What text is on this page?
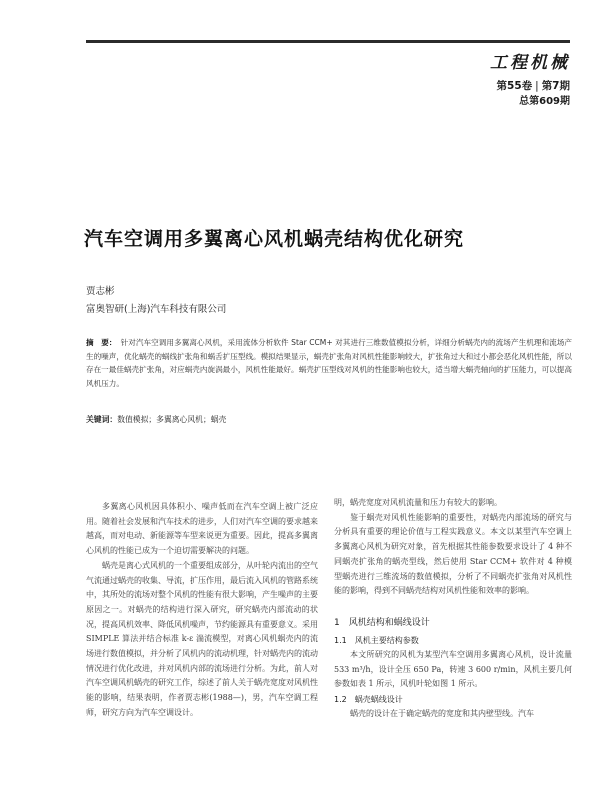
工程机械
第55卷 | 第7期
总第609期
汽车空调用多翼离心风机蜗壳结构优化研究
贾志彬
富奥智研(上海)汽车科技有限公司
摘　要： 针对汽车空调用多翼离心风机，采用流体分析软件 Star CCM+ 对其进行三维数值模拟分析，详细分析蜗壳内的流场产生机理和流场产生的噪声，优化蜗壳的蜗线扩张角和蜗舌扩压型线。模拟结果显示，蜗壳扩张角对风机性能影响较大，扩张角过大和过小都会恶化风机性能，所以存在一最佳蜗壳扩张角，对应蜗壳内旋涡最小，风机性能最好。蜗壳扩压型线对风机的性能影响也较大，适当增大蜗壳轴向的扩压能力，可以提高风机压力。
关键词：数值模拟；多翼离心风机；蜗壳

多翼离心风机因具体积小、噪声低而在汽车空调上被广泛应用。随着社会发展和汽车技术的进步，人们对汽车空调的要求越来越高，而对电动、新能源等车型来说更为重要。因此，提高多翼离心风机的性能已成为一个迫切需要解决的问题。

蜗壳是离心式风机的一个重要组成部分，从叶轮内流出的空气气流通过蜗壳的收集、导流，扩压作用，最后流入风机的管路系统中，其所处的流场对整个风机的性能有很大影响，产生噪声的主要原因之一。对蜗壳的结构进行深入研究，研究蜗壳内部流动的状况，提高风机效率、降低风机噪声，节约能源具有重要意义。采用 SIMPLE 算法并结合标准 k-ε 湍流模型，对离心风机蜗壳内的流场进行数值模拟，并分析了风机内的流动机理，针对蜗壳内的流动情况进行优化改进，并对风机内部的流场进行分析。为此，前人对汽车空调风机蜗壳的研究工作，综述了前人关于蜗壳宽度对风机性能的影响，结果表明，作者贾志彬(1988—)，男，汽车空调工程师，研究方向为汽车空调设计。

明，蜗壳宽度对风机流量和压力有较大的影响。

鉴于蜗壳对风机性能影响的重要性，对蜗壳内部流场的研究与分析具有重要的理论价值与工程实践意义。本文以某型汽车空调上多翼离心风机为研究对象，首先根据其性能参数要求设计了 4 种不同蜗壳扩张角的蜗壳型线，然后使用 Star CCM+ 软件对 4 种模型蜗壳进行三维流场的数值模拟，分析了不同蜗壳扩张角对风机性能的影响，得到不同蜗壳结构对风机性能和效率的影响。

1　风机结构和蜗线设计
1.1　风机主要结构参数

本文所研究的风机为某型汽车空调用多翼离心风机，设计流量 533 m³/h，设计全压 650 Pa，转速 3 600 r/min，风机主要几何参数如表 1 所示，风机叶轮如图 1 所示。

1.2　蜗壳蜗线设计

蜗壳的设计在于确定蜗壳的宽度和其内壁型线。汽车
